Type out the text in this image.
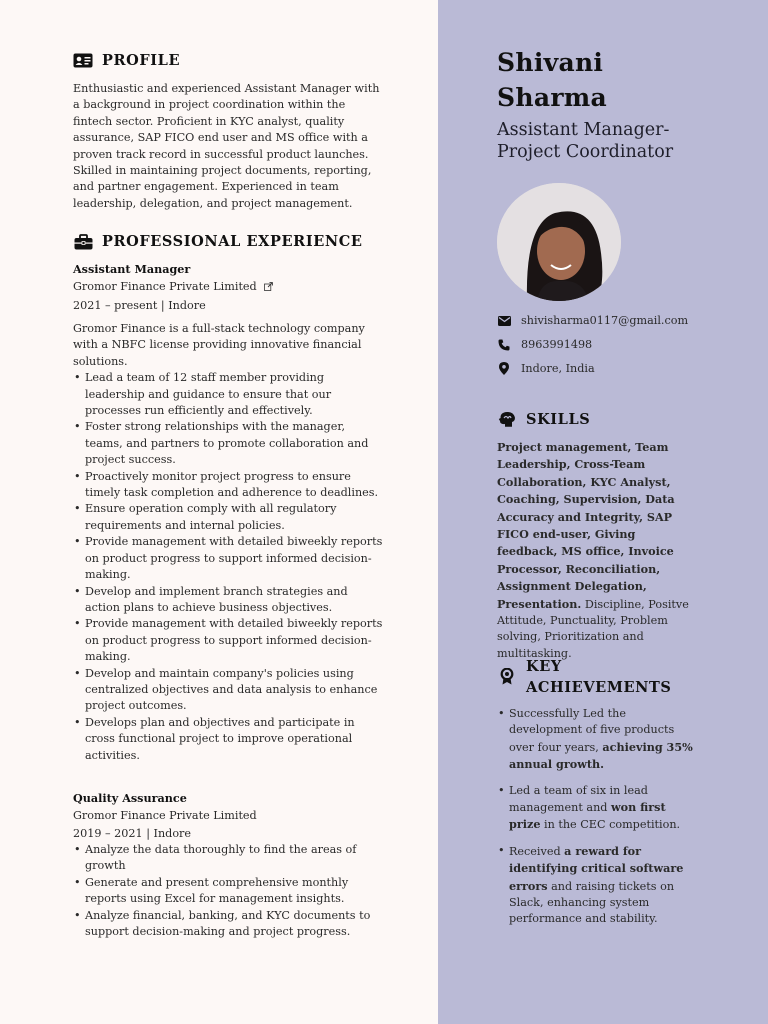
PROFILE

Enthusiastic and experienced Assistant Manager with a background in project coordination within the fintech sector. Proficient in KYC analyst, quality assurance, SAP FICO end user and MS office with a proven track record in successful product launches. Skilled in maintaining project documents, reporting, and partner engagement. Experienced in team leadership, delegation, and project management.

PROFESSIONAL EXPERIENCE
Assistant Manager
Gromor Finance Private Limited
2021 – present | Indore

Gromor Finance is a full-stack technology company with a NBFC license providing innovative financial solutions.

• Lead a team of 12 staff member providing leadership and guidance to ensure that our processes run efficiently and effectively.
• Foster strong relationships with the manager, teams, and partners to promote collaboration and project success.
• Proactively monitor project progress to ensure timely task completion and adherence to deadlines.
• Ensure operation comply with all regulatory requirements and internal policies.
• Provide management with detailed biweekly reports on product progress to support informed decision-making.
• Develop and implement branch strategies and action plans to achieve business objectives.
• Provide management with detailed biweekly reports on product progress to support informed decision-making.
• Develop and maintain company's policies using centralized objectives and data analysis to enhance project outcomes.
• Develops plan and objectives and participate in cross functional project to improve operational activities.
Quality Assurance
Gromor Finance Private Limited
2019 – 2021 | Indore
• Analyze the data thoroughly to find the areas of growth
• Generate and present comprehensive monthly reports using Excel for management insights.
• Analyze financial, banking, and KYC documents to support decision-making and project progress.
Shivani
Sharma
Assistant Manager-
Project Coordinator
shivisharma0117@gmail.com
8963991498
Indore, India
SKILLS
Project management, Team Leadership, Cross-Team Collaboration, KYC Analyst, Coaching, Supervision, Data Accuracy and Integrity, SAP FICO end-user, Giving feedback, MS office, Invoice Processor, Reconciliation, Assignment Delegation, Presentation. Discipline, Positve Attitude, Punctuality, Problem solving, Prioritization and multitasking.
KEY
ACHIEVEMENTS
• Successfully Led the development of five products over four years, achieving 35% annual growth.
• Led a team of six in lead management and won first prize in the CEC competition.
• Received a reward for identifying critical software errors and raising tickets on Slack, enhancing system performance and stability.
